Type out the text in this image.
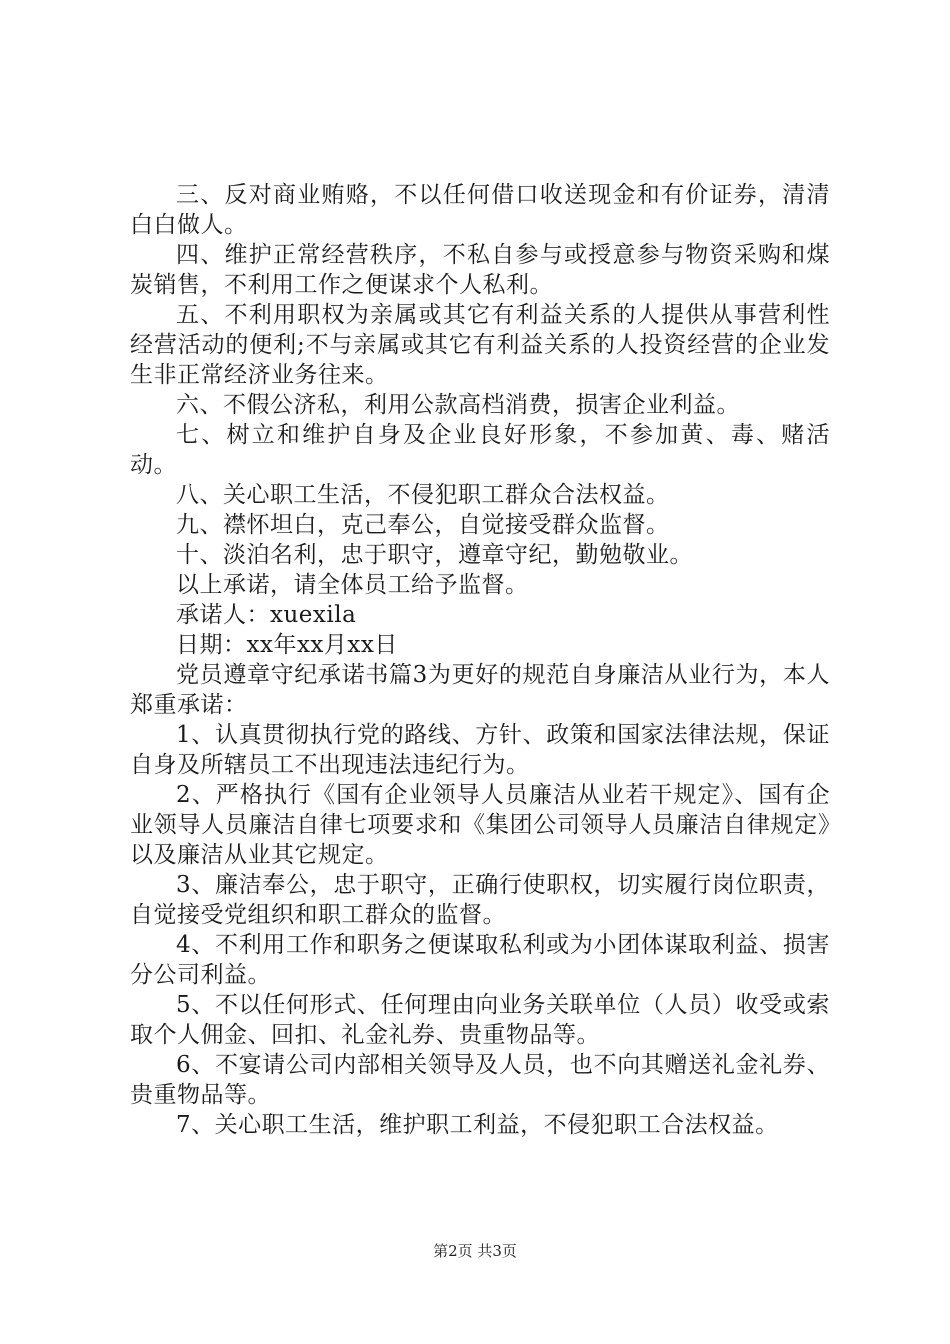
三、反对商业贿赂，不以任何借口收送现金和有价证券，清清白白做人。

四、维护正常经营秩序，不私自参与或授意参与物资采购和煤炭销售，不利用工作之便谋求个人私利。

五、不利用职权为亲属或其它有利益关系的人提供从事营利性经营活动的便利;不与亲属或其它有利益关系的人投资经营的企业发生非正常经济业务往来。

六、不假公济私，利用公款高档消费，损害企业利益。

七、树立和维护自身及企业良好形象，不参加黄、毒、赌活动。

八、关心职工生活，不侵犯职工群众合法权益。

九、襟怀坦白，克己奉公，自觉接受群众监督。

十、淡泊名利，忠于职守，遵章守纪，勤勉敬业。

以上承诺，请全体员工给予监督。

承诺人：xuexila

日期：xx年xx月xx日

党员遵章守纪承诺书篇3为更好的规范自身廉洁从业行为，本人郑重承诺：

1、认真贯彻执行党的路线、方针、政策和国家法律法规，保证自身及所辖员工不出现违法违纪行为。

2、严格执行《国有企业领导人员廉洁从业若干规定》、国有企业领导人员廉洁自律七项要求和《集团公司领导人员廉洁自律规定》以及廉洁从业其它规定。

3、廉洁奉公，忠于职守，正确行使职权，切实履行岗位职责，自觉接受党组织和职工群众的监督。

4、不利用工作和职务之便谋取私利或为小团体谋取利益、损害分公司利益。

5、不以任何形式、任何理由向业务关联单位（人员）收受或索取个人佣金、回扣、礼金礼券、贵重物品等。

6、不宴请公司内部相关领导及人员，也不向其赠送礼金礼券、贵重物品等。

7、关心职工生活，维护职工利益，不侵犯职工合法权益。

第2页 共3页
